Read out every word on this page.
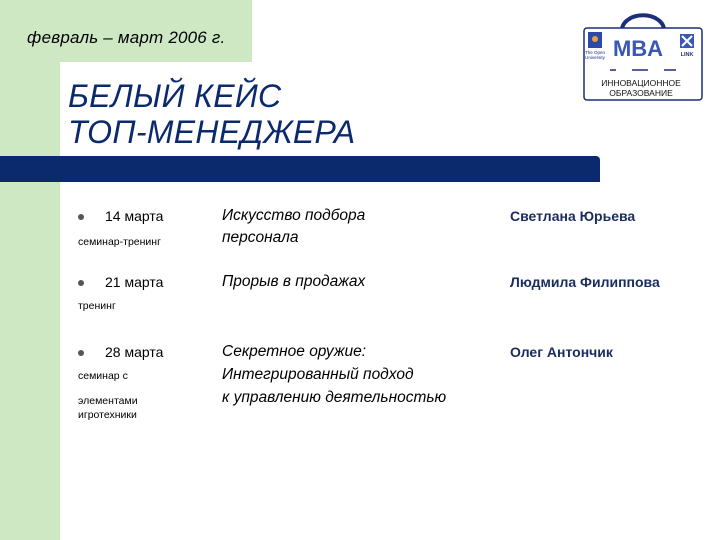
февраль – март 2006 г.
БЕЛЫЙ КЕЙС
ТОП-МЕНЕДЖЕРА
The Open
University MBA	LINK
ИННОВАЦИОННОЕ
ОБРАЗОВАНИЕ
14 марта
семинар-тренинг
Искусство подбора
персонала
Светлана Юрьева
21 марта
тренинг
Прорыв в продажах	Людмила Филиппова
28 марта
семинар с
элементами
игротехники
Секретное оружие:
Интегрированный подход
к управлению деятельностью
Олег Антончик
